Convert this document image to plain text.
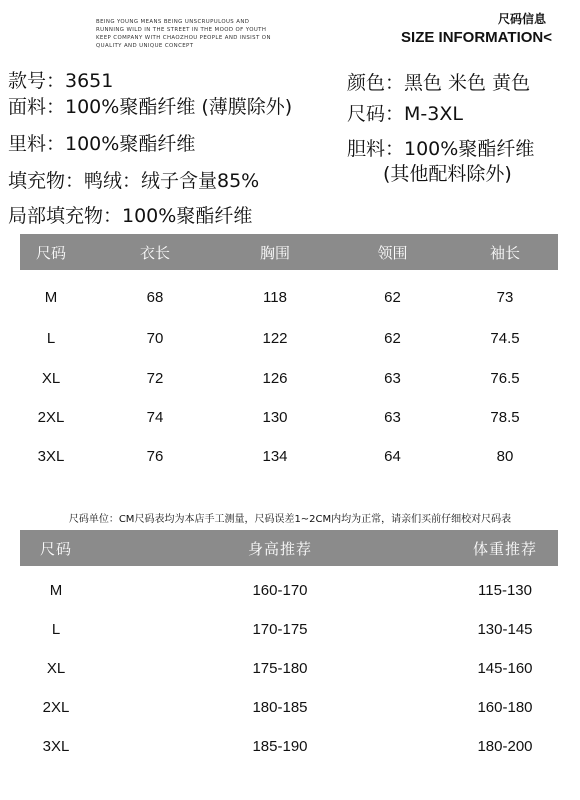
BEING YOUNG MEANS BEING UNSCRUPULOUS AND
RUNNING WILD IN THE STREET IN THE MOOD OF YOUTH
KEEP COMPANY WITH CHAOZHOU PEOPLE AND INSIST ON
QUALITY AND UNIQUE CONCEPT
尺码信息
SIZE INFORMATION<
款号：3651
面料：100%聚酯纤维 (薄膜除外)
里料：100%聚酯纤维
填充物：鸭绒：绒子含量85%
局部填充物：100%聚酯纤维
颜色：黑色 米色 黄色
尺码：M-3XL
胆料：100%聚酯纤维
(其他配料除外)
尺码	衣长	胸围	领围	袖长
M	68	118	62	73
L	70	122	62	74.5
XL	72	126	63	76.5
2XL	74	130	63	78.5
3XL	76	134	64	80
尺码单位：CM尺码表均为本店手工测量，尺码误差1~2CM内均为正常，请亲们买前仔细校对尺码表
尺码	身高推荐	体重推荐
M	160-170	115-130
L	170-175	130-145
XL	175-180	145-160
2XL	180-185	160-180
3XL	185-190	180-200
